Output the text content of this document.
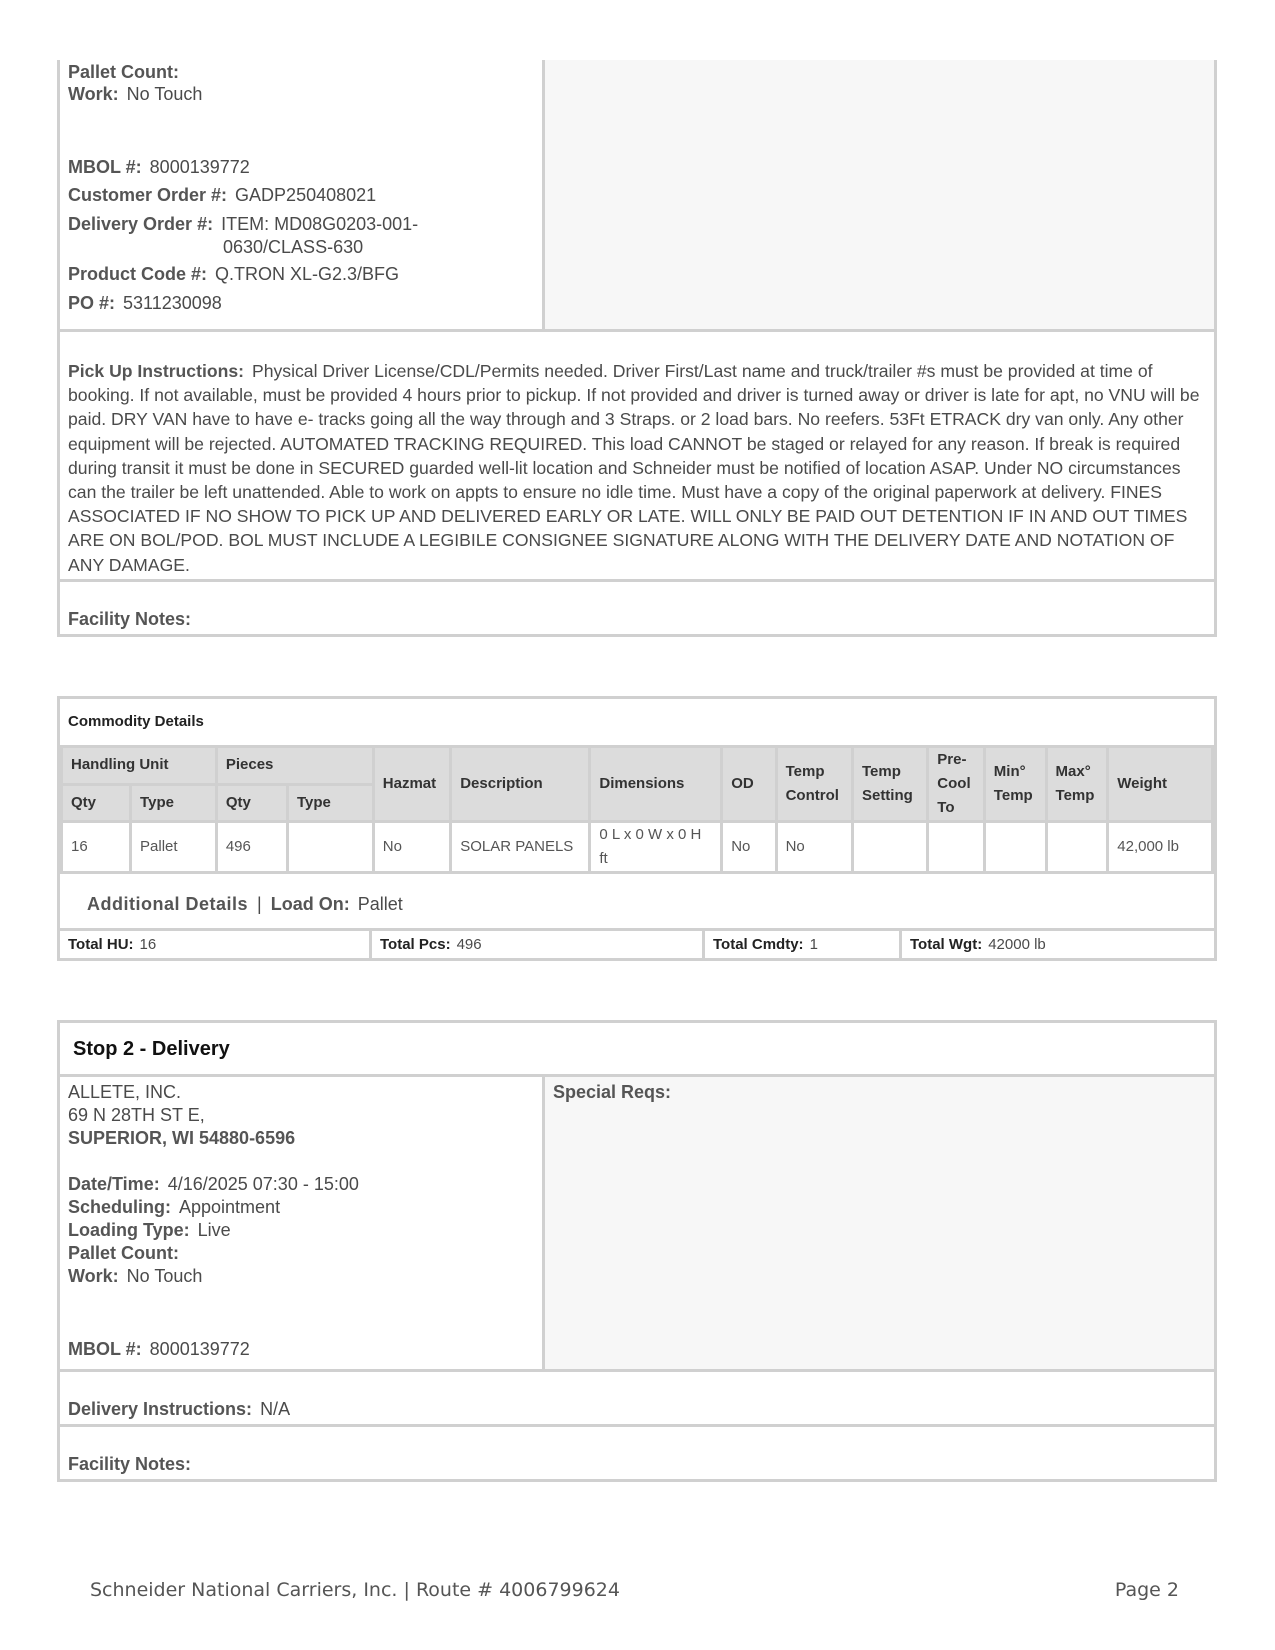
Pallet Count:
Work: No Touch
MBOL #: 8000139772
Customer Order #: GADP250408021
Delivery Order #: ITEM: MD08G0203-001-
0630/CLASS-630
Product Code #: Q.TRON XL-G2.3/BFG
PO #: 5311230098
Pick Up Instructions: Physical Driver License/CDL/Permits needed. Driver First/Last name and truck/trailer #s must be provided at time of booking. If not available, must be provided 4 hours prior to pickup. If not provided and driver is turned away or driver is late for apt, no VNU will be paid. DRY VAN have to have e- tracks going all the way through and 3 Straps. or 2 load bars. No reefers. 53Ft ETRACK dry van only. Any other equipment will be rejected. AUTOMATED TRACKING REQUIRED. This load CANNOT be staged or relayed for any reason. If break is required during transit it must be done in SECURED guarded well-lit location and Schneider must be notified of location ASAP. Under NO circumstances can the trailer be left unattended. Able to work on appts to ensure no idle time. Must have a copy of the original paperwork at delivery. FINES ASSOCIATED IF NO SHOW TO PICK UP AND DELIVERED EARLY OR LATE. WILL ONLY BE PAID OUT DETENTION IF IN AND OUT TIMES ARE ON BOL/POD. BOL MUST INCLUDE A LEGIBILE CONSIGNEE SIGNATURE ALONG WITH THE DELIVERY DATE AND NOTATION OF ANY DAMAGE.
Facility Notes:
Commodity Details
Handling Unit		Pieces		Hazmat	Description	Dimensions	OD	Temp Control	Temp Setting	Pre-Cool To	Min° Temp	Max° Temp	Weight
Qty	Type	Qty	Type										
16	Pallet	496		No	SOLAR PANELS	0 L x 0 W x 0 H ft	No	No					42,000 lb
Additional Details | Load On: Pallet
Total HU: 16	Total Pcs: 496	Total Cmdty: 1	Total Wgt: 42000 lb
Stop 2 - Delivery
ALLETE, INC.
69 N 28TH ST E,
SUPERIOR, WI 54880-6596
Date/Time: 4/16/2025 07:30 - 15:00
Scheduling: Appointment
Loading Type: Live
Pallet Count:
Work: No Touch
MBOL #: 8000139772
Special Reqs:
Delivery Instructions: N/A
Facility Notes:
Schneider National Carriers, Inc. | Route # 4006799624	Page 2
